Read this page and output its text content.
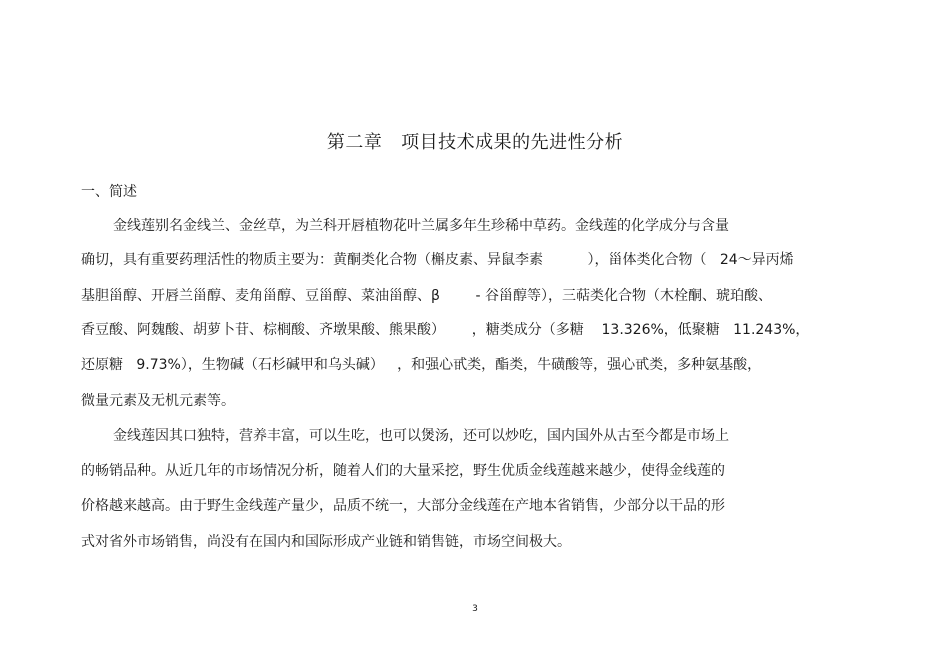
第二章   项目技术成果的先进性分析
一、简述
金线莲别名金线兰、金丝草，为兰科开唇植物花叶兰属多年生珍稀中草药。金线莲的化学成分与含量
确切，具有重要药理活性的物质主要为：黄酮类化合物（槲皮素、异鼠李素          ），甾体类化合物（   24～异丙烯
基胆甾醇、开唇兰甾醇、麦角甾醇、豆甾醇、菜油甾醇、β        - 谷甾醇等），三萜类化合物（木栓酮、琥珀酸、
香豆酸、阿魏酸、胡萝卜苷、棕榈酸、齐墩果酸、熊果酸）      ，糖类成分（多糖    13.326%，低聚糖   11.243%，
还原糖   9.73%），生物碱（石杉碱甲和乌头碱）   ，和强心甙类，酯类，牛磺酸等，强心甙类，多种氨基酸，
微量元素及无机元素等。
金线莲因其口独特，营养丰富，可以生吃，也可以煲汤，还可以炒吃，国内国外从古至今都是市场上
的畅销品种。从近几年的市场情况分析，随着人们的大量采挖，野生优质金线莲越来越少，使得金线莲的
价格越来越高。由于野生金线莲产量少，品质不统一，大部分金线莲在产地本省销售，少部分以干品的形
式对省外市场销售，尚没有在国内和国际形成产业链和销售链，市场空间极大。
3
